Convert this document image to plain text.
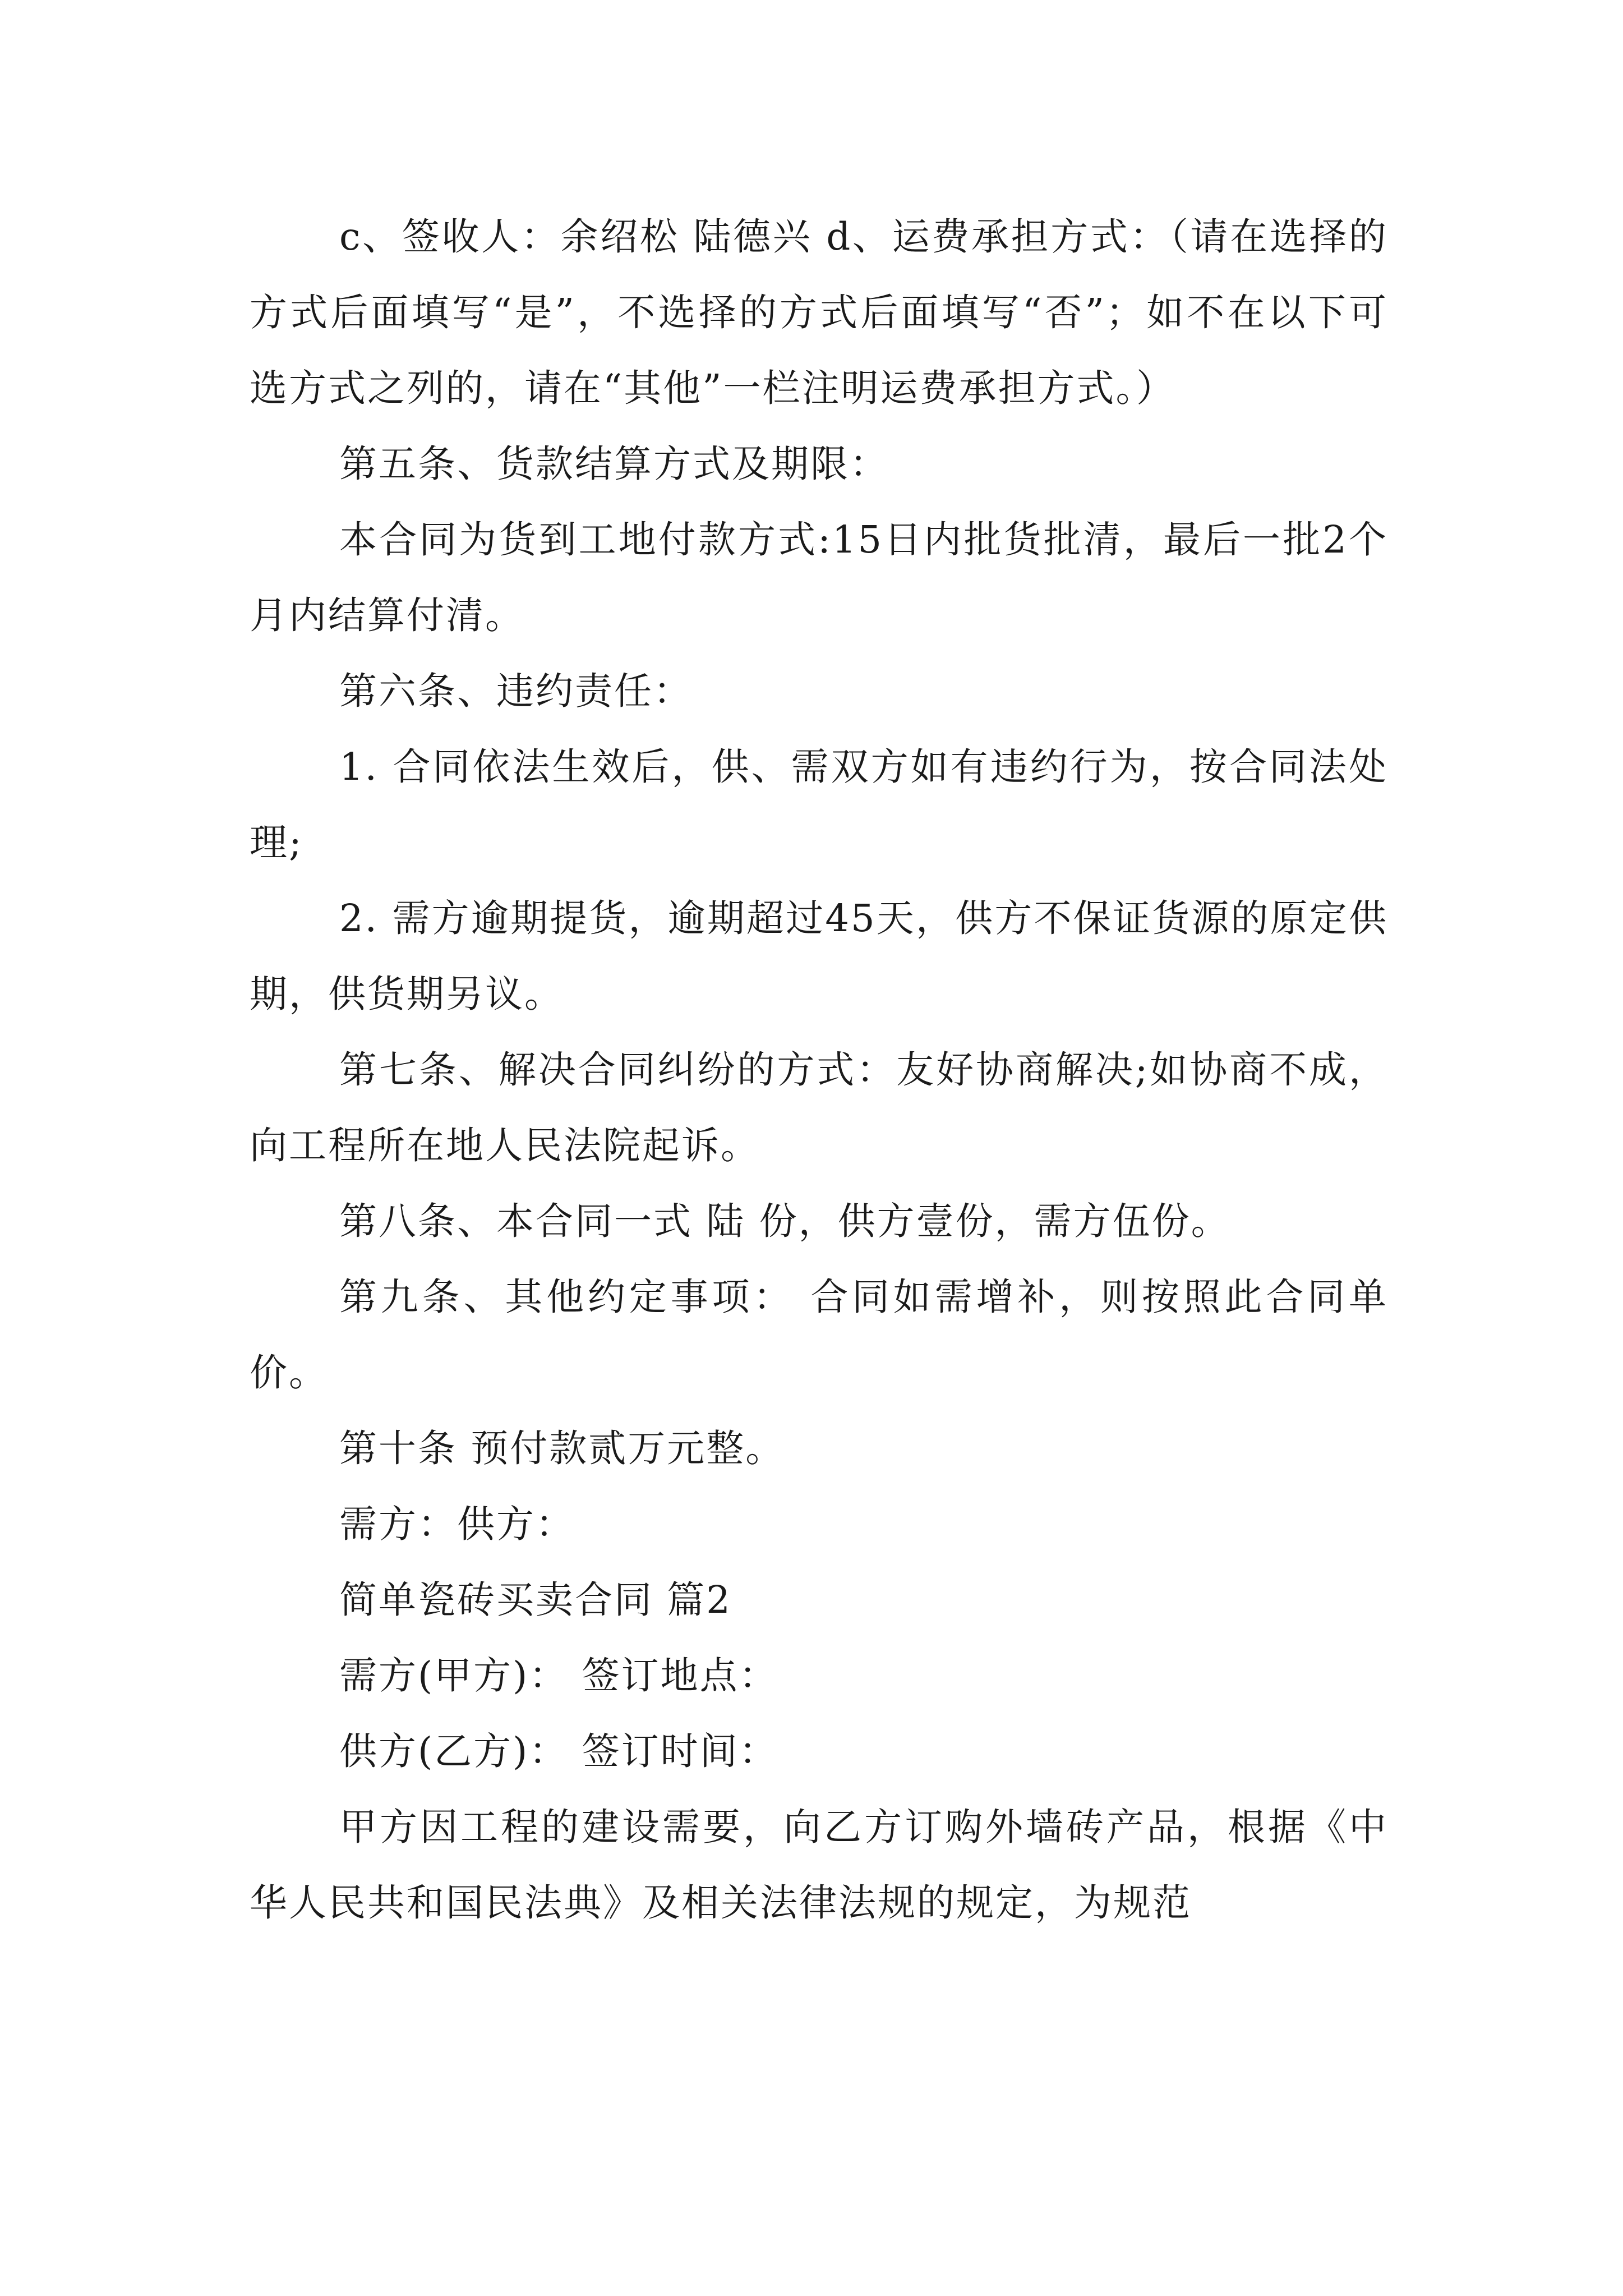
c、签收人：余绍松 陆德兴 d、运费承担方式：（请在选择的方式后面填写“是”，不选择的方式后面填写“否”；如不在以下可选方式之列的，请在“其他”一栏注明运费承担方式。）

第五条、货款结算方式及期限：

本合同为货到工地付款方式:15日内批货批清，最后一批2个月内结算付清。

第六条、违约责任：

1. 合同依法生效后，供、需双方如有违约行为，按合同法处理;

2. 需方逾期提货，逾期超过45天，供方不保证货源的原定供期，供货期另议。

第七条、解决合同纠纷的方式：友好协商解决;如协商不成，向工程所在地人民法院起诉。

第八条、本合同一式 陆 份，供方壹份，需方伍份。

第九条、其他约定事项： 合同如需增补，则按照此合同单价。

第十条 预付款贰万元整。

需方：供方：

简单瓷砖买卖合同 篇2

需方(甲方)： 签订地点：

供方(乙方)： 签订时间：

甲方因工程的建设需要，向乙方订购外墙砖产品，根据《中华人民共和国民法典》及相关法律法规的规定，为规范
